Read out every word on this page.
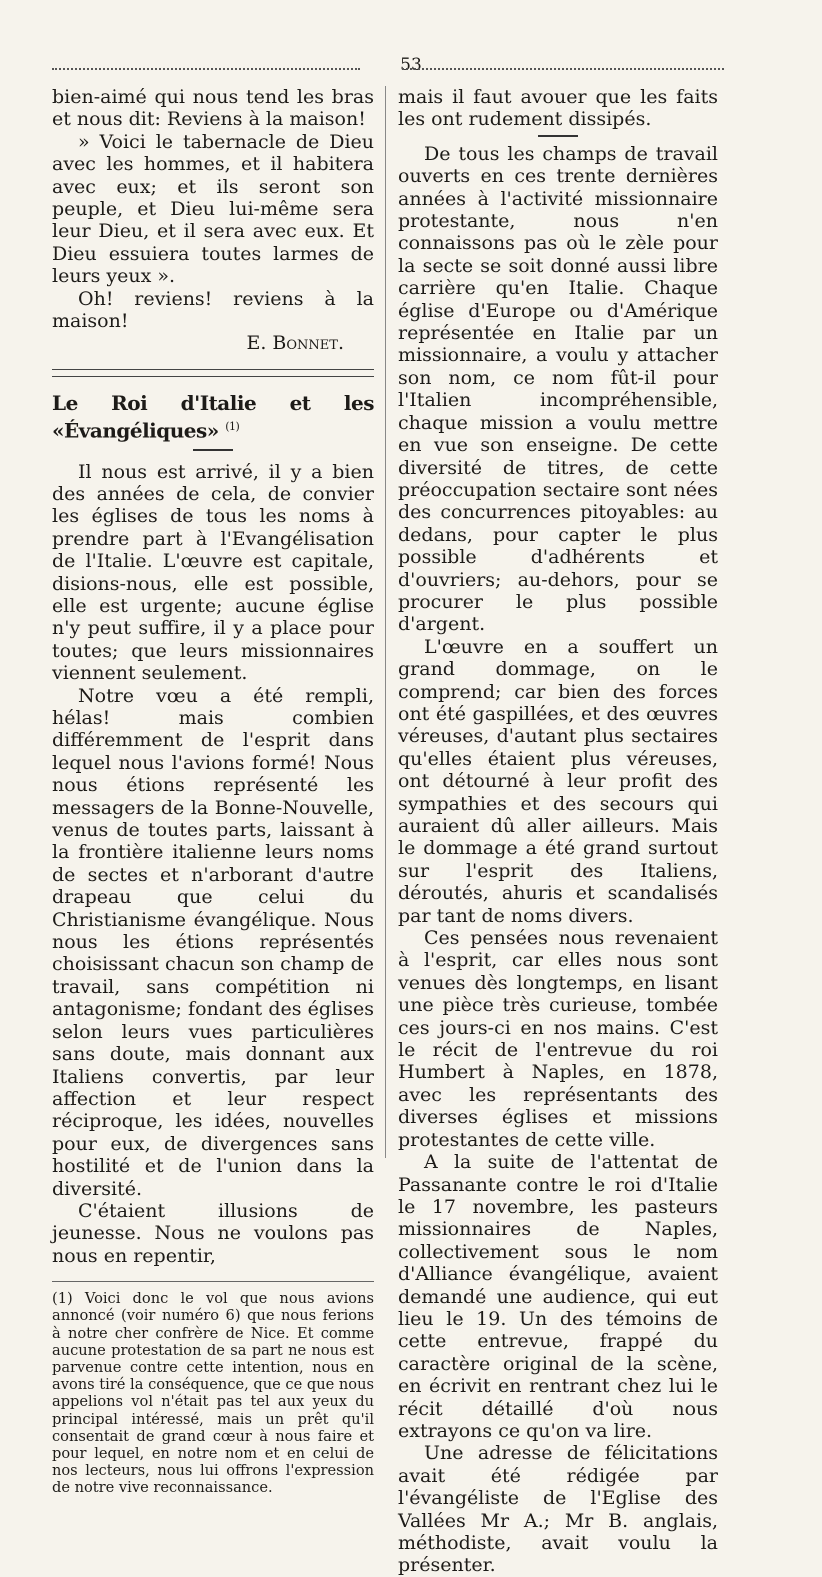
53

bien-aimé qui nous tend les bras et nous dit: Reviens à la maison!

» Voici le tabernacle de Dieu avec les hommes, et il habitera avec eux; et ils seront son peuple, et Dieu lui-même sera leur Dieu, et il sera avec eux. Et Dieu essuiera toutes larmes de leurs yeux ».

Oh! reviens! reviens à la maison!

E. Bonnet.

Le Roi d'Italie et les «Évangéliques» $^{(1)}$

Il nous est arrivé, il y a bien des années de cela, de convier les églises de tous les noms à prendre part à l'Evangélisation de l'Italie. L'œuvre est capitale, disions-nous, elle est possible, elle est urgente; aucune église n'y peut suffire, il y a place pour toutes; que leurs missionnaires viennent seulement.

Notre vœu a été rempli, hélas! mais combien différemment de l'esprit dans lequel nous l'avions formé! Nous nous étions représenté les messagers de la Bonne-Nouvelle, venus de toutes parts, laissant à la frontière italienne leurs noms de sectes et n'arborant d'autre drapeau que celui du Christianisme évangélique. Nous nous les étions représentés choisissant chacun son champ de travail, sans compétition ni antagonisme; fondant des églises selon leurs vues particulières sans doute, mais donnant aux Italiens convertis, par leur affection et leur respect réciproque, les idées, nouvelles pour eux, de divergences sans hostilité et de l'union dans la diversité.

C'étaient illusions de jeunesse. Nous ne voulons pas nous en repentir,

(1) Voici donc le vol que nous avions annoncé (voir numéro 6) que nous ferions à notre cher confrère de Nice. Et comme aucune protestation de sa part ne nous est parvenue contre cette intention, nous en avons tiré la conséquence, que ce que nous appelions vol n'était pas tel aux yeux du principal intéressé, mais un prêt qu'il consentait de grand cœur à nous faire et pour lequel, en notre nom et en celui de nos lecteurs, nous lui offrons l'expression de notre vive reconnaissance.

mais il faut avouer que les faits les ont rudement dissipés.

De tous les champs de travail ouverts en ces trente dernières années à l'activité missionnaire protestante, nous n'en connaissons pas où le zèle pour la secte se soit donné aussi libre carrière qu'en Italie. Chaque église d'Europe ou d'Amérique représentée en Italie par un missionnaire, a voulu y attacher son nom, ce nom fût-il pour l'Italien incompréhensible, chaque mission a voulu mettre en vue son enseigne. De cette diversité de titres, de cette préoccupation sectaire sont nées des concurrences pitoyables: au dedans, pour capter le plus possible d'adhérents et d'ouvriers; au-dehors, pour se procurer le plus possible d'argent.

L'œuvre en a souffert un grand dommage, on le comprend; car bien des forces ont été gaspillées, et des œuvres véreuses, d'autant plus sectaires qu'elles étaient plus véreuses, ont détourné à leur profit des sympathies et des secours qui auraient dû aller ailleurs. Mais le dommage a été grand surtout sur l'esprit des Italiens, déroutés, ahuris et scandalisés par tant de noms divers.

Ces pensées nous revenaient à l'esprit, car elles nous sont venues dès longtemps, en lisant une pièce très curieuse, tombée ces jours-ci en nos mains. C'est le récit de l'entrevue du roi Humbert à Naples, en 1878, avec les représentants des diverses églises et missions protestantes de cette ville.

A la suite de l'attentat de Passanante contre le roi d'Italie le 17 novembre, les pasteurs missionnaires de Naples, collectivement sous le nom d'Alliance évangélique, avaient demandé une audience, qui eut lieu le 19. Un des témoins de cette entrevue, frappé du caractère original de la scène, en écrivit en rentrant chez lui le récit détaillé d'où nous extrayons ce qu'on va lire.

Une adresse de félicitations avait été rédigée par l'évangéliste de l'Eglise des Vallées Mr A.; Mr B. anglais, méthodiste, avait voulu la présenter.
